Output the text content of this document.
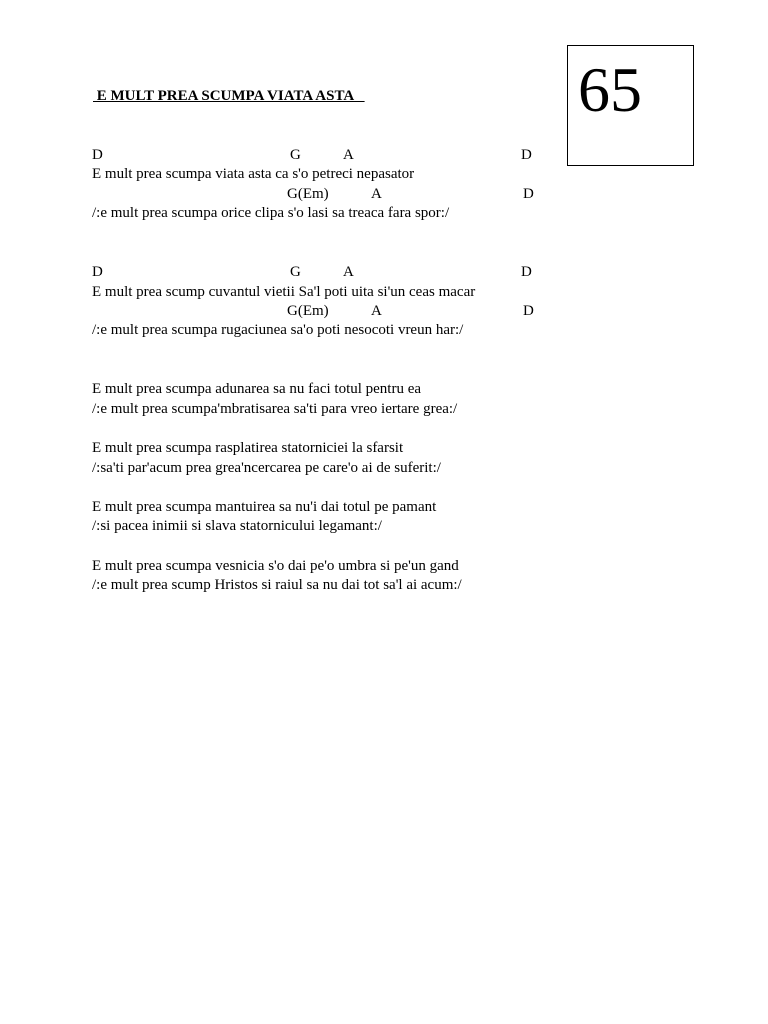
65
E MULT PREA SCUMPA VIATA ASTA
D	G	A	D
E mult prea scumpa viata asta ca s'o petreci nepasator
G(Em)	A	D
/:e mult prea scumpa orice clipa s'o lasi sa treaca fara spor:/
D	G	A	D
E mult prea scump cuvantul vietii Sa'l poti uita si'un ceas macar
G(Em)	A	D
/:e mult prea scumpa rugaciunea sa'o poti nesocoti vreun har:/
E mult prea scumpa adunarea sa nu faci totul pentru ea
/:e mult prea scumpa'mbratisarea sa'ti para vreo iertare grea:/
E mult prea scumpa rasplatirea statorniciei la sfarsit
/:sa'ti par'acum prea grea'ncercarea pe care'o ai de suferit:/
E mult prea scumpa mantuirea sa nu'i dai totul pe pamant
/:si pacea inimii si slava statornicului legamant:/
E mult prea scumpa vesnicia s'o dai pe'o umbra si pe'un gand
/:e mult prea scump Hristos si raiul sa nu dai tot sa'l ai acum:/
